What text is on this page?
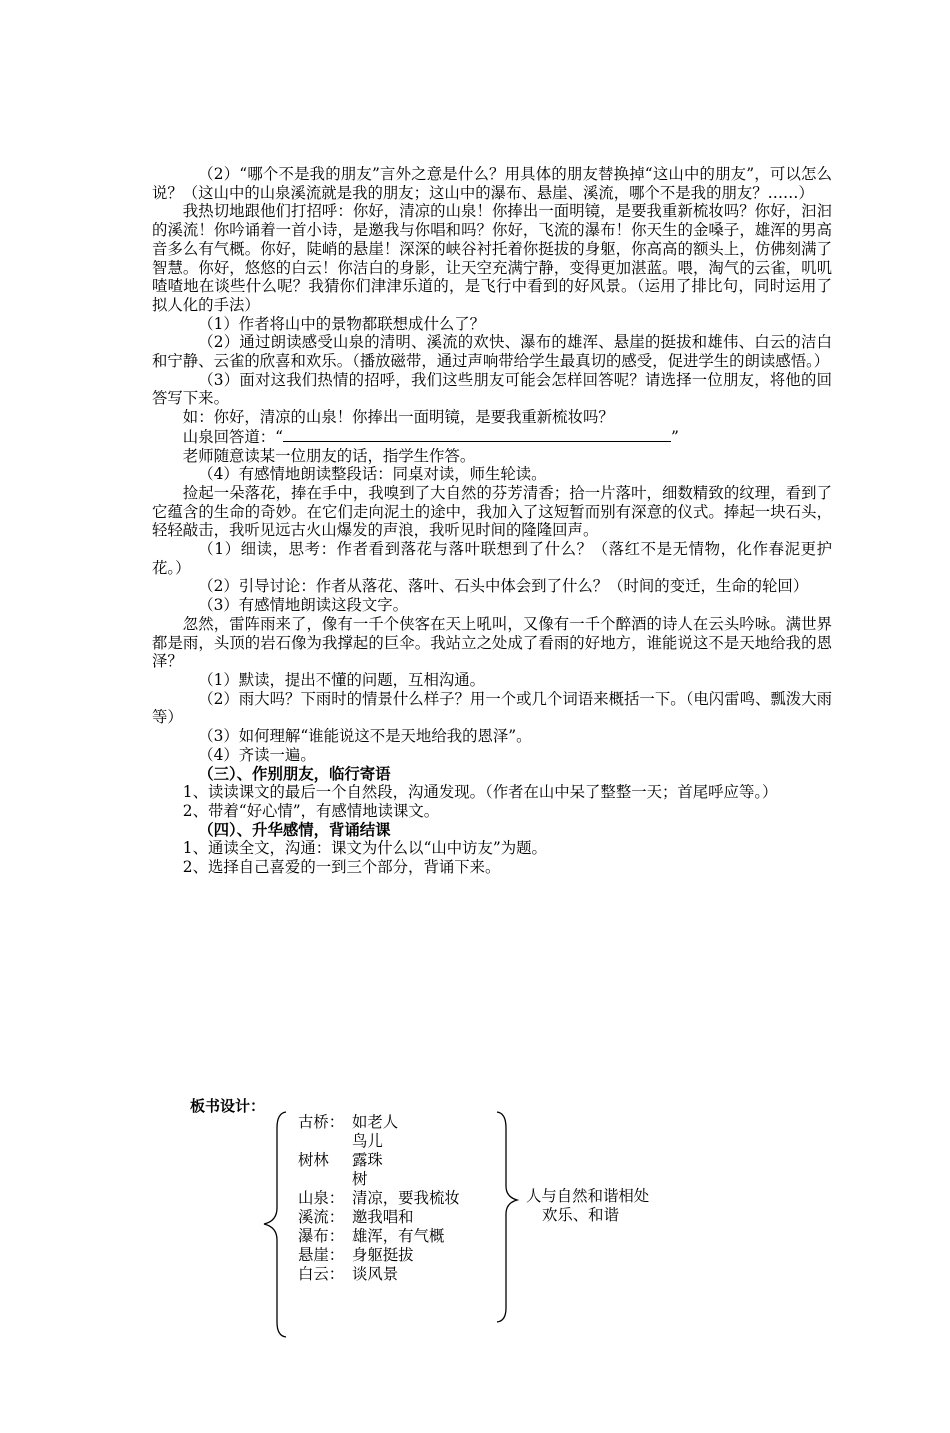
（2）“哪个不是我的朋友”言外之意是什么？用具体的朋友替换掉“这山中的朋友”，可以怎么说？（这山中的山泉溪流就是我的朋友；这山中的瀑布、悬崖、溪流，哪个不是我的朋友？……）

我热切地跟他们打招呼：你好，清凉的山泉！你捧出一面明镜，是要我重新梳妆吗？你好，汩汩的溪流！你吟诵着一首小诗，是邀我与你唱和吗？你好，飞流的瀑布！你天生的金嗓子，雄浑的男高音多么有气概。你好，陡峭的悬崖！深深的峡谷衬托着你挺拔的身躯，你高高的额头上，仿佛刻满了智慧。你好，悠悠的白云！你洁白的身影，让天空充满宁静，变得更加湛蓝。喂，淘气的云雀，叽叽喳喳地在谈些什么呢？我猜你们津津乐道的，是飞行中看到的好风景。（运用了排比句，同时运用了拟人化的手法）

（1）作者将山中的景物都联想成什么了？

（2）通过朗读感受山泉的清明、溪流的欢快、瀑布的雄浑、悬崖的挺拔和雄伟、白云的洁白和宁静、云雀的欣喜和欢乐。（播放磁带，通过声响带给学生最真切的感受，促进学生的朗读感悟。）

（3）面对这我们热情的招呼，我们这些朋友可能会怎样回答呢？请选择一位朋友，将他的回答写下来。

如：你好，清凉的山泉！你捧出一面明镜，是要我重新梳妆吗？

山泉回答道：“	”

老师随意读某一位朋友的话，指学生作答。

（4）有感情地朗读整段话：同桌对读，师生轮读。

捡起一朵落花，捧在手中，我嗅到了大自然的芬芳清香；拾一片落叶，细数精致的纹理，看到了它蕴含的生命的奇妙。在它们走向泥土的途中，我加入了这短暂而别有深意的仪式。捧起一块石头，轻轻敲击，我听见远古火山爆发的声浪，我听见时间的隆隆回声。

（1）细读，思考：作者看到落花与落叶联想到了什么？（落红不是无情物，化作春泥更护花。）

（2）引导讨论：作者从落花、落叶、石头中体会到了什么？（时间的变迁，生命的轮回）

（3）有感情地朗读这段文字。

忽然，雷阵雨来了，像有一千个侠客在天上吼叫，又像有一千个醉酒的诗人在云头吟咏。满世界都是雨，头顶的岩石像为我撑起的巨伞。我站立之处成了看雨的好地方，谁能说这不是天地给我的恩泽？

（1）默读，提出不懂的问题，互相沟通。

（2）雨大吗？下雨时的情景什么样子？用一个或几个词语来概括一下。（电闪雷鸣、瓢泼大雨等）

（3）如何理解“谁能说这不是天地给我的恩泽”。

（4）齐读一遍。

（三）、作别朋友，临行寄语

1、读读课文的最后一个自然段，沟通发现。（作者在山中呆了整整一天；首尾呼应等。）

2、带着“好心情”，有感情地读课文。

（四）、升华感情，背诵结课

1、通读全文，沟通：课文为什么以“山中访友”为题。

2、选择自己喜爱的一到三个部分，背诵下来。

板书设计：
古桥： 如老人
鸟儿
树林 露珠
树
山泉： 清凉，要我梳妆
溪流： 邀我唱和
瀑布： 雄浑，有气概
悬崖： 身躯挺拔
白云： 谈风景
人与自然和谐相处
欢乐、和谐
